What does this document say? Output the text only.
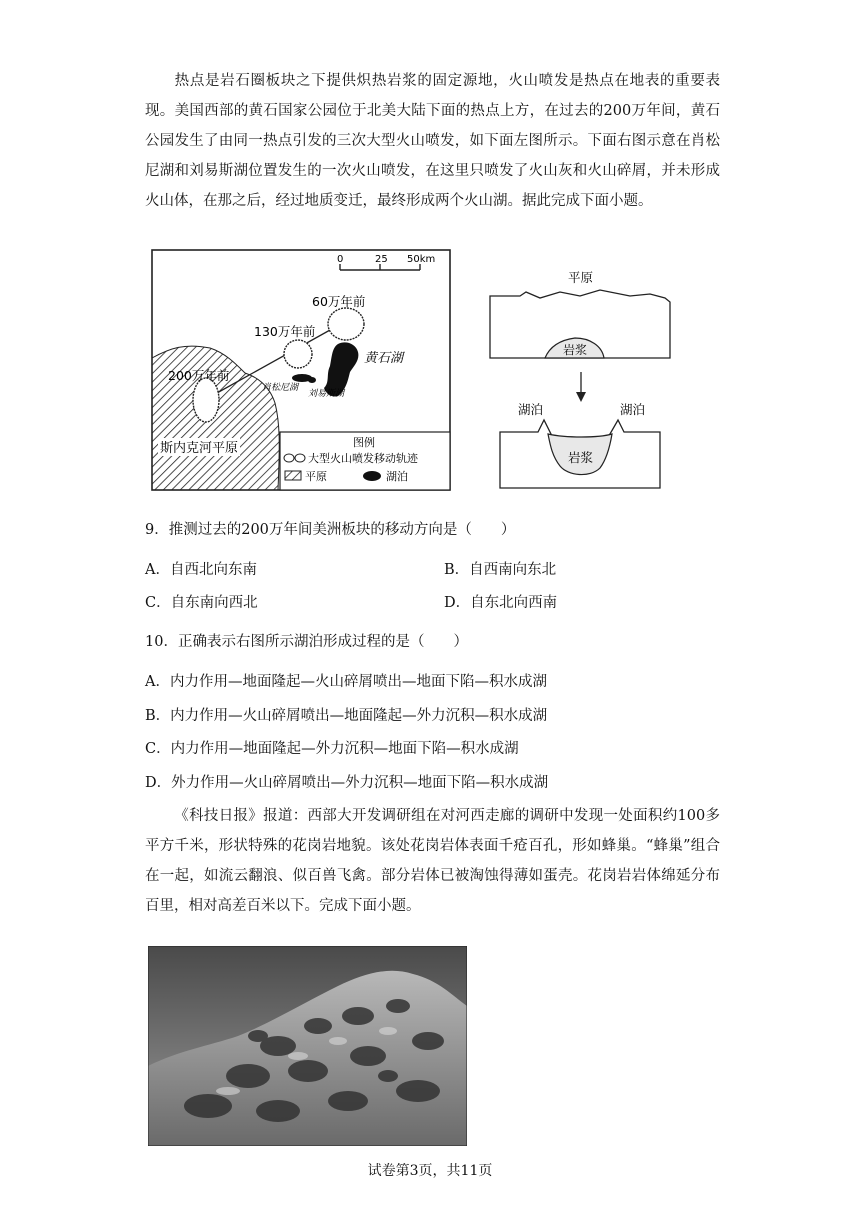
热点是岩石圈板块之下提供炽热岩浆的固定源地，火山喷发是热点在地表的重要表现。美国西部的黄石国家公园位于北美大陆下面的热点上方，在过去的200万年间，黄石公园发生了由同一热点引发的三次大型火山喷发，如下面左图所示。下面右图示意在肖松尼湖和刘易斯湖位置发生的一次火山喷发，在这里只喷发了火山灰和火山碎屑，并未形成火山体，在那之后，经过地质变迁，最终形成两个火山湖。据此完成下面小题。
0	25 50km
60万年前
130万年前
200万年前
黄石湖
肖松尼湖
刘易斯湖
斯内克河平原	图例
大型火山喷发移动轨迹
平原	湖泊
平原
岩浆
湖泊	湖泊
岩浆
9．推测过去的200万年间美洲板块的移动方向是（　　）
A．自西北向东南	B．自西南向东北
C．自东南向西北	D．自东北向西南
10．正确表示右图所示湖泊形成过程的是（　　）
A．内力作用—地面隆起—火山碎屑喷出—地面下陷—积水成湖
B．内力作用—火山碎屑喷出—地面隆起—外力沉积—积水成湖
C．内力作用—地面隆起—外力沉积—地面下陷—积水成湖
D．外力作用—火山碎屑喷出—外力沉积—地面下陷—积水成湖
《科技日报》报道：西部大开发调研组在对河西走廊的调研中发现一处面积约100多平方千米，形状特殊的花岗岩地貌。该处花岗岩体表面千疮百孔，形如蜂巢。“蜂巢”组合在一起，如流云翻浪、似百兽飞禽。部分岩体已被淘蚀得薄如蛋壳。花岗岩岩体绵延分布百里，相对高差百米以下。完成下面小题。
试卷第3页，共11页
